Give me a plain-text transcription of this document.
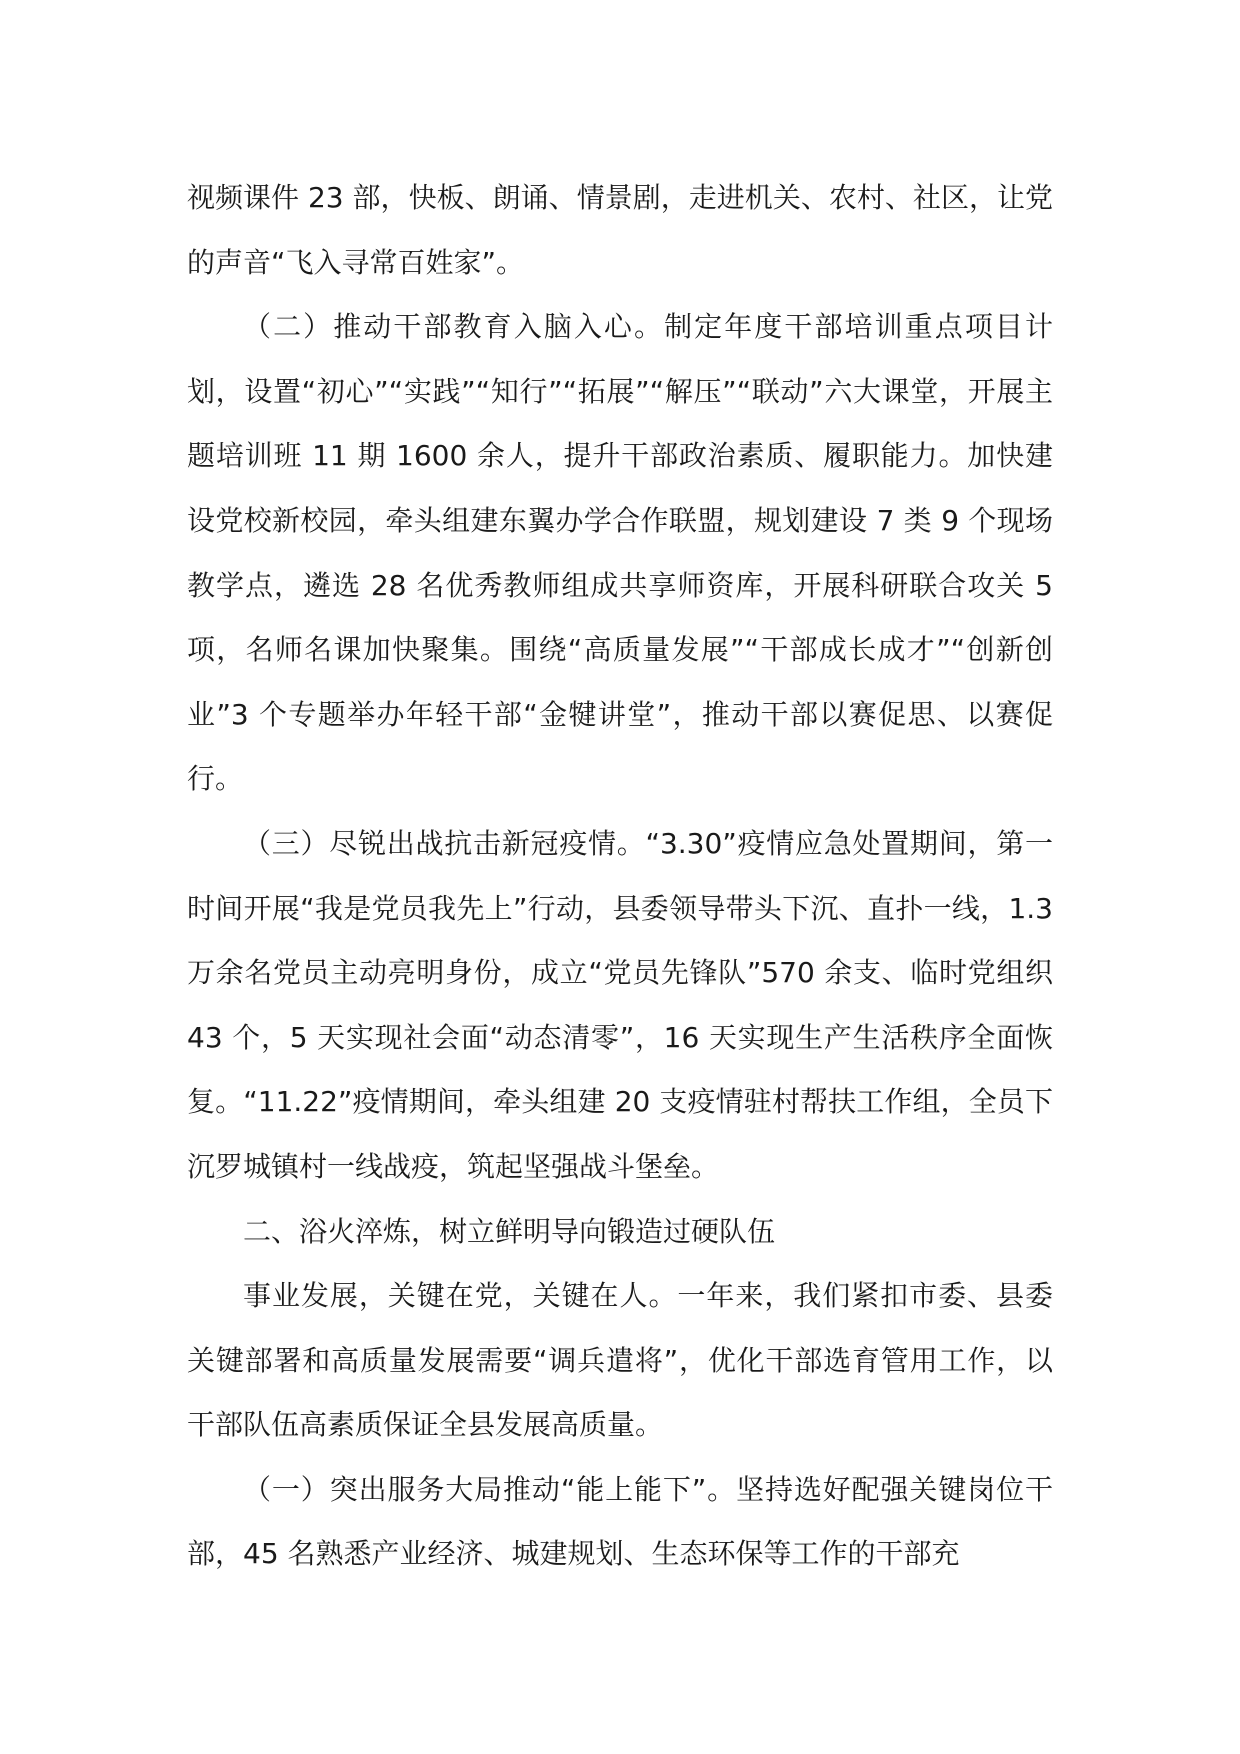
视频课件 23 部，快板、朗诵、情景剧，走进机关、农村、社区，让党的声音“飞入寻常百姓家”。

（二）推动干部教育入脑入心。制定年度干部培训重点项目计划，设置“初心”“实践”“知行”“拓展”“解压”“联动”六大课堂，开展主题培训班 11 期 1600 余人，提升干部政治素质、履职能力。加快建设党校新校园，牵头组建东翼办学合作联盟，规划建设 7 类 9 个现场教学点，遴选 28 名优秀教师组成共享师资库，开展科研联合攻关 5 项，名师名课加快聚集。围绕“高质量发展”“干部成长成才”“创新创业”3 个专题举办年轻干部“金犍讲堂”，推动干部以赛促思、以赛促行。

（三）尽锐出战抗击新冠疫情。“3.30”疫情应急处置期间，第一时间开展“我是党员我先上”行动，县委领导带头下沉、直扑一线，1.3 万余名党员主动亮明身份，成立“党员先锋队”570 余支、临时党组织 43 个，5 天实现社会面“动态清零”，16 天实现生产生活秩序全面恢复。“11.22”疫情期间，牵头组建 20 支疫情驻村帮扶工作组，全员下沉罗城镇村一线战疫，筑起坚强战斗堡垒。

二、浴火淬炼，树立鲜明导向锻造过硬队伍

事业发展，关键在党，关键在人。一年来，我们紧扣市委、县委关键部署和高质量发展需要“调兵遣将”，优化干部选育管用工作，以干部队伍高素质保证全县发展高质量。

（一）突出服务大局推动“能上能下”。坚持选好配强关键岗位干部，45 名熟悉产业经济、城建规划、生态环保等工作的干部充
